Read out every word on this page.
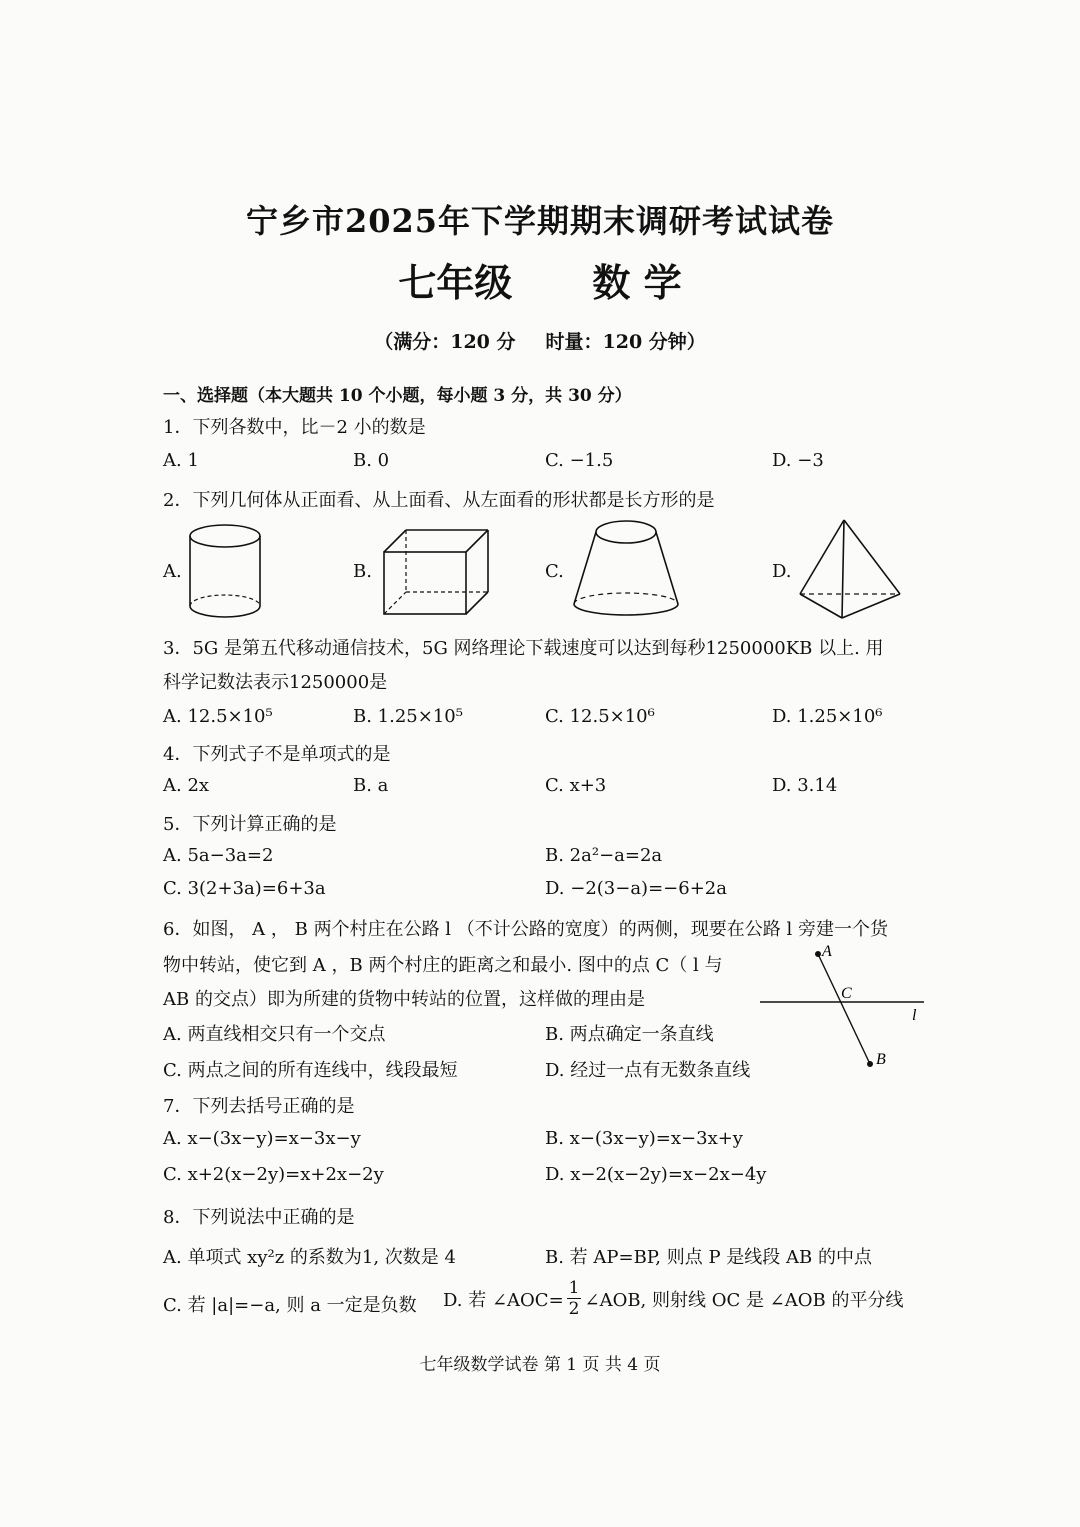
宁乡市2025年下学期期末调研考试试卷
七年级 数 学
（满分：120 分 时量：120 分钟）
一、选择题（本大题共 10 个小题，每小题 3 分，共 30 分）
1．下列各数中，比－2 小的数是
A. 1	B. 0	C. −1.5	D. −3
2．下列几何体从正面看、从上面看、从左面看的形状都是长方形的是
A.	B.	C.	D.
3．5G 是第五代移动通信技术，5G 网络理论下载速度可以达到每秒1250000KB 以上. 用
科学记数法表示1250000是
A. 12.5×10⁵	B. 1.25×10⁵	C. 12.5×10⁶	D. 1.25×10⁶
4．下列式子不是单项式的是
A. 2x	B. a	C. x+3	D. 3.14
5．下列计算正确的是
A. 5a−3a=2	B. 2a²−a=2a
C. 3(2+3a)=6+3a	D. −2(3−a)=−6+2a
6．如图， A ， B 两个村庄在公路 l （不计公路的宽度）的两侧，现要在公路 l 旁建一个货
物中转站，使它到 A ，B 两个村庄的距离之和最小. 图中的点 C（ l 与
AB 的交点）即为所建的货物中转站的位置，这样做的理由是
A. 两直线相交只有一个交点	B. 两点确定一条直线
C. 两点之间的所有连线中，线段最短	D. 经过一点有无数条直线
A
B
C
l
7．下列去括号正确的是
A. x−(3x−y)=x−3x−y	B. x−(3x−y)=x−3x+y
C. x+2(x−2y)=x+2x−2y	D. x−2(x−2y)=x−2x−4y
8．下列说法中正确的是
A. 单项式 xy²z 的系数为1, 次数是 4	B. 若 AP=BP, 则点 P 是线段 AB 的中点
C. 若 |a|=−a, 则 a 一定是负数 D. 若 ∠AOC= $\frac{1}{2}$ ∠AOB, 则射线 OC 是 ∠AOB 的平分线
七年级数学试卷 第 1 页 共 4 页
